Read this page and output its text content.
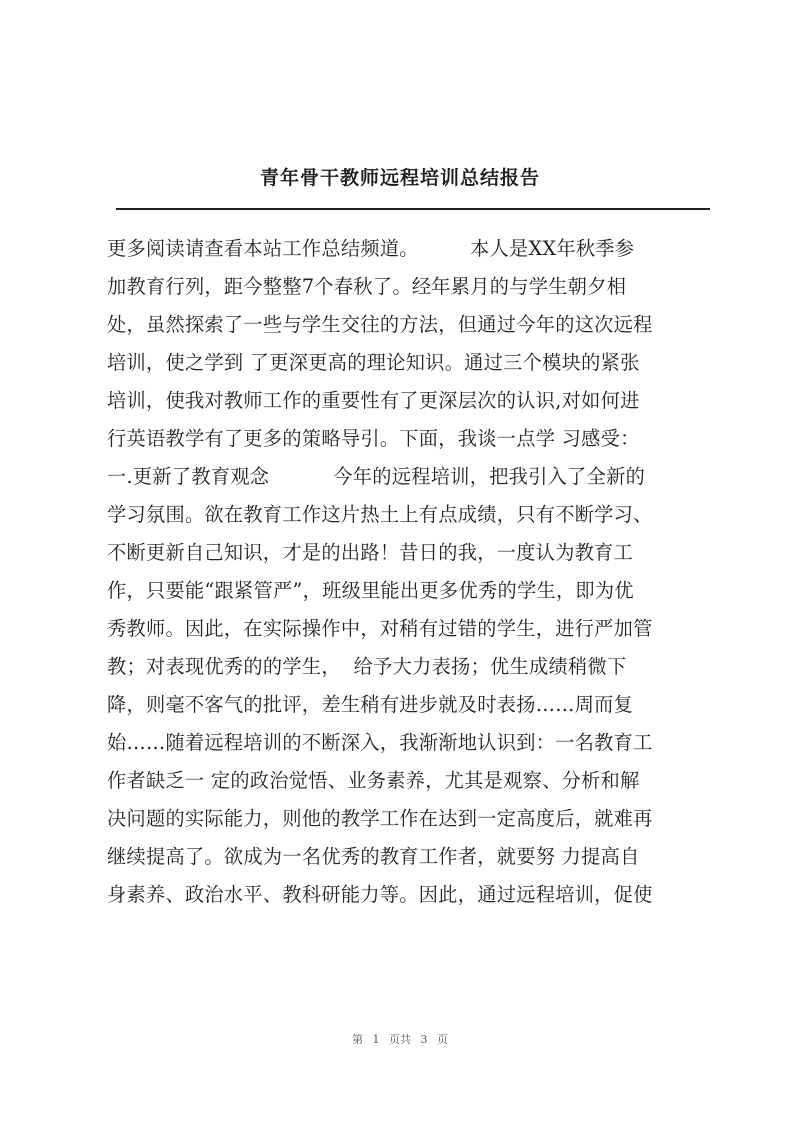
青年骨干教师远程培训总结报告
更多阅读请查看本站工作总结频道。        本人是XX年秋季参
加教育行列，距今整整7个春秋了。经年累月的与学生朝夕相
处，虽然探索了一些与学生交往的方法，但通过今年的这次远程
培训，使之学到 了更深更高的理论知识。通过三个模块的紧张
培训，使我对教师工作的重要性有了更深层次的认识,对如何进
行英语教学有了更多的策略导引。下面，我谈一点学 习感受：
一.更新了教育观念          今年的远程培训，把我引入了全新的
学习氛围。欲在教育工作这片热土上有点成绩，只有不断学习、
不断更新自己知识，才是的出路！昔日的我，一度认为教育工
作，只要能“跟紧管严”，班级里能出更多优秀的学生，即为优
秀教师。因此，在实际操作中，对稍有过错的学生，进行严加管
教；对表现优秀的的学生，  给予大力表扬；优生成绩稍微下
降，则毫不客气的批评，差生稍有进步就及时表扬……周而复
始……随着远程培训的不断深入，我渐渐地认识到：一名教育工
作者缺乏一 定的政治觉悟、业务素养，尤其是观察、分析和解
决问题的实际能力，则他的教学工作在达到一定高度后，就难再
继续提高了。欲成为一名优秀的教育工作者，就要努 力提高自
身素养、政治水平、教科研能力等。因此，通过远程培训，促使
第 1 页共 3 页
